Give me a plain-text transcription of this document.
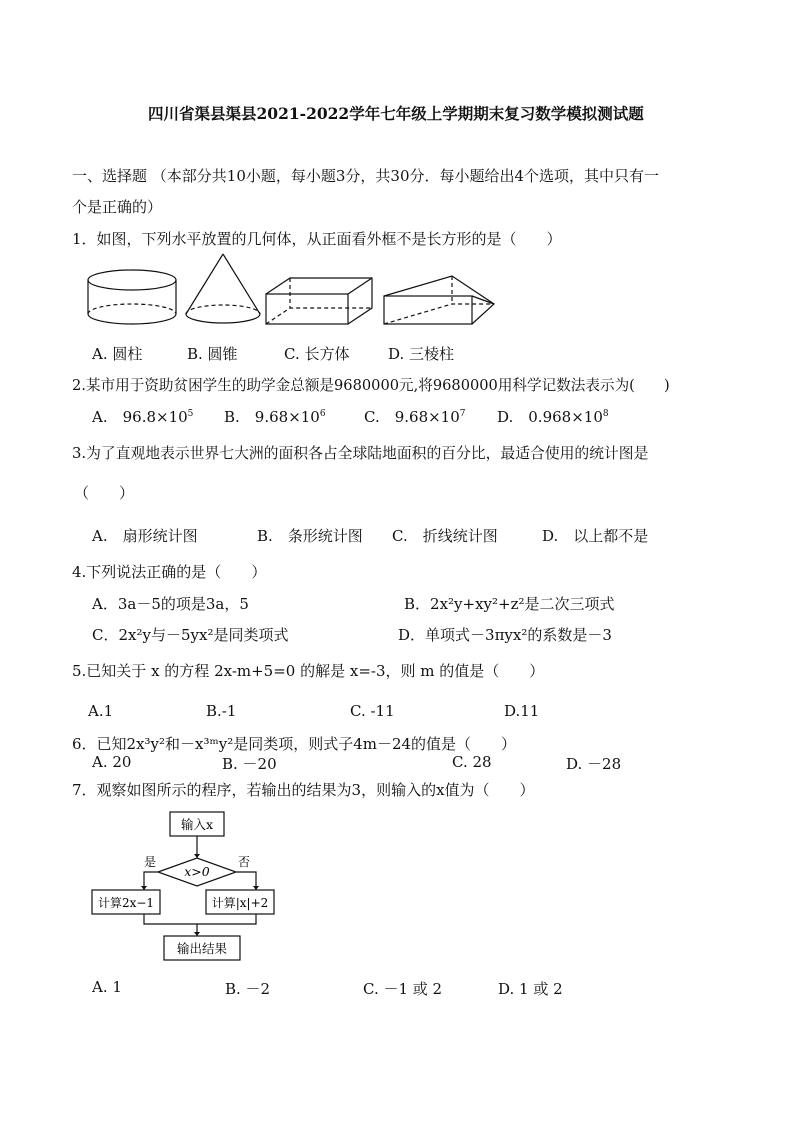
四川省渠县渠县2021-2022学年七年级上学期期末复习数学模拟测试题
一、选择题 （本部分共10小题，每小题3分，共30分．每小题给出4个选项，其中只有一
个是正确的）
1．如图，下列水平放置的几何体，从正面看外框不是长方形的是（　　）
A. 圆柱	B. 圆锥	C. 长方体	D. 三棱柱
2.某市用于资助贫困学生的助学金总额是9680000元,将9680000用科学记数法表示为(　　)
A.　$96.8\times 10^5$ B.　$9.68\times 10^6$	C.　$9.68\times 10^7$ D.　$0.968\times 10^8$
3.为了直观地表示世界七大洲的面积各占全球陆地面积的百分比，最适合使用的统计图是
（　　）
A.　扇形统计图	B.　条形统计图 C.　折线统计图	D.　以上都不是
4.下列说法正确的是（　　）
A．3a－5的项是3a，5	B．2x²y+xy²+z²是二次三项式
C．2x²y与－5yx²是同类项式	D．单项式－3πyx²的系数是－3
5.已知关于 x 的方程 2x-m+5=0 的解是 x=-3，则 m 的值是（　　）
A.1	B.-1	C. -11	D.11
6．已知2x³y²和－x³ᵐy²是同类项，则式子4m－24的值是（　　）
A. 20	B. －20	C. 28	D. －28
7．观察如图所示的程序，若输出的结果为3，则输入的x值为（　　）
输入x
x>0
是	否
计算2x−1	计算|x|+2
输出结果
A. 1	B. －2	C. －1 或 2	D. 1 或 2
